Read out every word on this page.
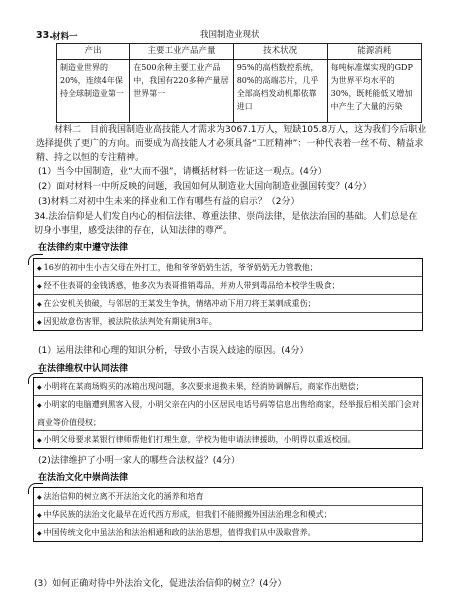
33. 材料一	我国制造业现状
产出	主要工业产品产量	技术状况	能源消耗
制造业世界的20%，连续4年保持全球制造业第一	在500余种主要工业产品中，我国有220多种产量居世界第一	95%的高档数控系统，80%的高端芯片，几乎全部高档发动机都依靠进口	每吨标准煤实现的GDP为世界平均水平的30%，既耗能低又增加中产生了大量的污染
材料二　目前我国制造业高技能人才需求为3067.1万人，短缺105.8万人，这为我们今后职业选择提供了更广的方向。而要成为高技能人才必须具备“工匠精神”：一种代表着一丝不苟、精益求精、持之以恒的专注精神。
(1）当今中国制造，业“大而不强”，请概括材料一佐证这一观点。(4分）
(2）面对材料一中所反映的问题，我国如何从制造业大国向制造业强国转变？(4分）
(3)材料二对初中生未来的择业和工作有哪些有益的启示？（2分）
34.法治信仰是人们发自内心的相信法律、尊重法律、崇尚法律，是依法治国的基础。人们总是在切身小事里，感受法律的存在，认知法律的尊严。
在法律约束中遵守法律
◆ 16岁的初中生小吉父母在外打工，他和爷爷奶奶生活，爷爷奶奶无力管教他；
◆ 经不住表哥的金钱诱惑，他多次为表哥推销毒品，并劝人带到毒品给本校学生吸食；
◆ 在公安机关侦破，与邻居的王某发生争执，情绪冲动下用刀将王某刺成重伤；
◆ 因犯故意伤害罪，被法院依法判处有期徒刑3年。
(1）运用法律和心理的知识分析，导致小吉误入歧途的原因。(4分）
在法律维权中认同法律
◆ 小明将在某商场购买的冰箱出现问题，多次要求退换未果，经消协调解后，商家作出赔偿；
◆ 小明家的电脑遭到黑客入侵，小明父亲在内的小区居民电话号码等信息出售给商家，经举报后相关部门会对商业等价值侵权；
◆ 小明父母要求某银行律师帮他们打理生意，学校为他申请法律援助，小明得以重返校园。
(2)法律维护了小明一家人的哪些合法权益？(4分）
在法治文化中崇尚法律
◆ 法治信仰的树立离不开法治文化的涵养和培育
◆ 中华民族的法治文化最早在近代西方形成，但我们不能照搬外国法治理念和模式；
◆ 中国传统文化中虽法治和法治相通和政的法治思想，值得我们从中汲取营养。
(3）如何正确对待中外法治文化，促进法治信仰的树立？(4分）
